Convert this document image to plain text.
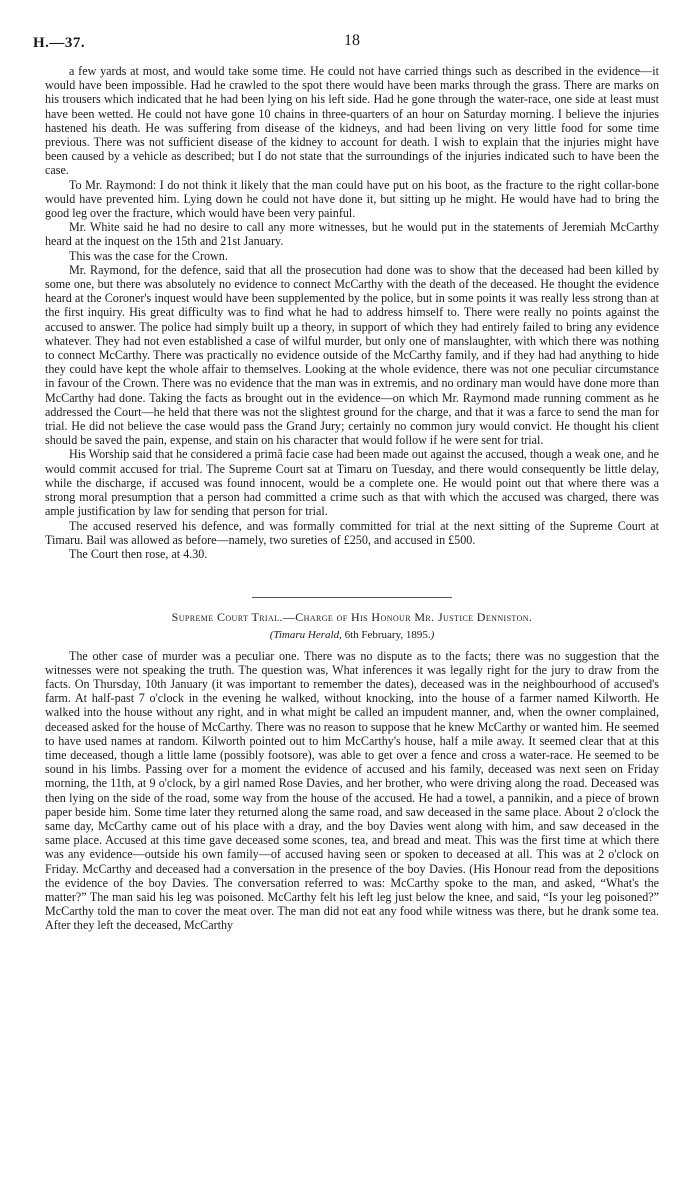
H.—37.	18

a few yards at most, and would take some time. He could not have carried things such as described in the evidence—it would have been impossible. Had he crawled to the spot there would have been marks through the grass. There are marks on his trousers which indicated that he had been lying on his left side. Had he gone through the water-race, one side at least must have been wetted. He could not have gone 10 chains in three-quarters of an hour on Saturday morning. I believe the injuries hastened his death. He was suffering from disease of the kidneys, and had been living on very little food for some time previous. There was not sufficient disease of the kidney to account for death. I wish to explain that the injuries might have been caused by a vehicle as described; but I do not state that the surroundings of the injuries indicated such to have been the case.

To Mr. Raymond: I do not think it likely that the man could have put on his boot, as the fracture to the right collar-bone would have prevented him. Lying down he could not have done it, but sitting up he might. He would have had to bring the good leg over the fracture, which would have been very painful.

Mr. White said he had no desire to call any more witnesses, but he would put in the statements of Jeremiah McCarthy heard at the inquest on the 15th and 21st January.

This was the case for the Crown.

Mr. Raymond, for the defence, said that all the prosecution had done was to show that the deceased had been killed by some one, but there was absolutely no evidence to connect McCarthy with the death of the deceased. He thought the evidence heard at the Coroner's inquest would have been supplemented by the police, but in some points it was really less strong than at the first inquiry. His great difficulty was to find what he had to address himself to. There were really no points against the accused to answer. The police had simply built up a theory, in support of which they had entirely failed to bring any evidence whatever. They had not even established a case of wilful murder, but only one of manslaughter, with which there was nothing to connect McCarthy. There was practically no evidence outside of the McCarthy family, and if they had had anything to hide they could have kept the whole affair to themselves. Looking at the whole evidence, there was not one peculiar circumstance in favour of the Crown. There was no evidence that the man was in extremis, and no ordinary man would have done more than McCarthy had done. Taking the facts as brought out in the evidence—on which Mr. Raymond made running comment as he addressed the Court—he held that there was not the slightest ground for the charge, and that it was a farce to send the man for trial. He did not believe the case would pass the Grand Jury; certainly no common jury would convict. He thought his client should be saved the pain, expense, and stain on his character that would follow if he were sent for trial.

His Worship said that he considered a primâ facie case had been made out against the accused, though a weak one, and he would commit accused for trial. The Supreme Court sat at Timaru on Tuesday, and there would consequently be little delay, while the discharge, if accused was found innocent, would be a complete one. He would point out that where there was a strong moral presumption that a person had committed a crime such as that with which the accused was charged, there was ample justification by law for sending that person for trial.

The accused reserved his defence, and was formally committed for trial at the next sitting of the Supreme Court at Timaru. Bail was allowed as before—namely, two sureties of £250, and accused in £500.

The Court then rose, at 4.30.

Supreme Court Trial.—Charge of His Honour Mr. Justice Denniston.
(Timaru Herald, 6th February, 1895.)

The other case of murder was a peculiar one. There was no dispute as to the facts; there was no suggestion that the witnesses were not speaking the truth. The question was, What inferences it was legally right for the jury to draw from the facts. On Thursday, 10th January (it was important to remember the dates), deceased was in the neighbourhood of accused's farm. At half-past 7 o'clock in the evening he walked, without knocking, into the house of a farmer named Kilworth. He walked into the house without any right, and in what might be called an impudent manner, and, when the owner complained, deceased asked for the house of McCarthy. There was no reason to suppose that he knew McCarthy or wanted him. He seemed to have used names at random. Kilworth pointed out to him McCarthy's house, half a mile away. It seemed clear that at this time deceased, though a little lame (possibly footsore), was able to get over a fence and cross a water-race. He seemed to be sound in his limbs. Passing over for a moment the evidence of accused and his family, deceased was next seen on Friday morning, the 11th, at 9 o'clock, by a girl named Rose Davies, and her brother, who were driving along the road. Deceased was then lying on the side of the road, some way from the house of the accused. He had a towel, a pannikin, and a piece of brown paper beside him. Some time later they returned along the same road, and saw deceased in the same place. About 2 o'clock the same day, McCarthy came out of his place with a dray, and the boy Davies went along with him, and saw deceased in the same place. Accused at this time gave deceased some scones, tea, and bread and meat. This was the first time at which there was any evidence—outside his own family—of accused having seen or spoken to deceased at all. This was at 2 o'clock on Friday. McCarthy and deceased had a conversation in the presence of the boy Davies. (His Honour read from the depositions the evidence of the boy Davies. The conversation referred to was: McCarthy spoke to the man, and asked, “What's the matter?” The man said his leg was poisoned. McCarthy felt his left leg just below the knee, and said, “Is your leg poisoned?” McCarthy told the man to cover the meat over. The man did not eat any food while witness was there, but he drank some tea. After they left the deceased, McCarthy
